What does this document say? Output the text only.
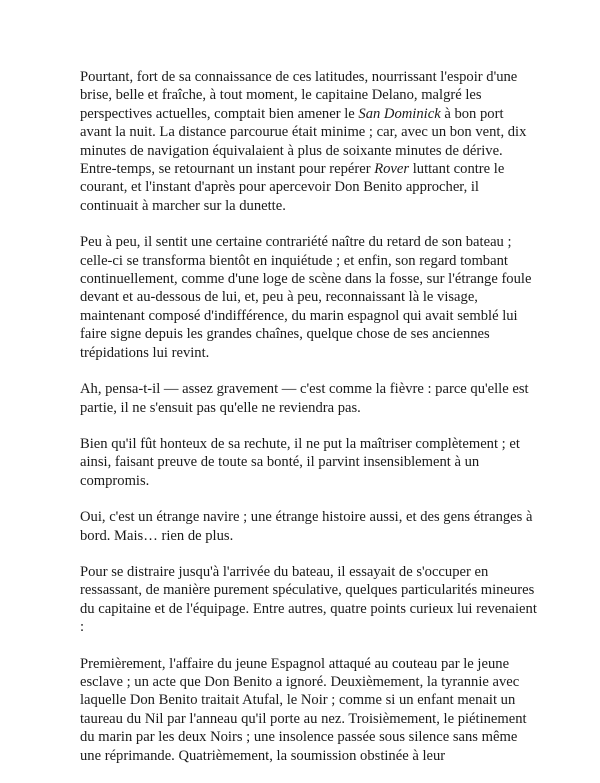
Pourtant, fort de sa connaissance de ces latitudes, nourrissant l'espoir d'une brise, belle et fraîche, à tout moment, le capitaine Delano, malgré les perspectives actuelles, comptait bien amener le San Dominick à bon port avant la nuit. La distance parcourue était minime ; car, avec un bon vent, dix minutes de navigation équivalaient à plus de soixante minutes de dérive. Entre-temps, se retournant un instant pour repérer Rover luttant contre le courant, et l'instant d'après pour apercevoir Don Benito approcher, il continuait à marcher sur la dunette.

Peu à peu, il sentit une certaine contrariété naître du retard de son bateau ; celle-ci se transforma bientôt en inquiétude ; et enfin, son regard tombant continuellement, comme d'une loge de scène dans la fosse, sur l'étrange foule devant et au-dessous de lui, et, peu à peu, reconnaissant là le visage, maintenant composé d'indifférence, du marin espagnol qui avait semblé lui faire signe depuis les grandes chaînes, quelque chose de ses anciennes trépidations lui revint.

Ah, pensa-t-il — assez gravement — c'est comme la fièvre : parce qu'elle est partie, il ne s'ensuit pas qu'elle ne reviendra pas.

Bien qu'il fût honteux de sa rechute, il ne put la maîtriser complètement ; et ainsi, faisant preuve de toute sa bonté, il parvint insensiblement à un compromis.

Oui, c'est un étrange navire ; une étrange histoire aussi, et des gens étranges à bord. Mais… rien de plus.

Pour se distraire jusqu'à l'arrivée du bateau, il essayait de s'occuper en ressassant, de manière purement spéculative, quelques particularités mineures du capitaine et de l'équipage. Entre autres, quatre points curieux lui revenaient :

Premièrement, l'affaire du jeune Espagnol attaqué au couteau par le jeune esclave ; un acte que Don Benito a ignoré. Deuxièmement, la tyrannie avec laquelle Don Benito traitait Atufal, le Noir ; comme si un enfant menait un taureau du Nil par l'anneau qu'il porte au nez. Troisièmement, le piétinement du marin par les deux Noirs ; une insolence passée sous silence sans même une réprimande. Quatrièmement, la soumission obstinée à leur
